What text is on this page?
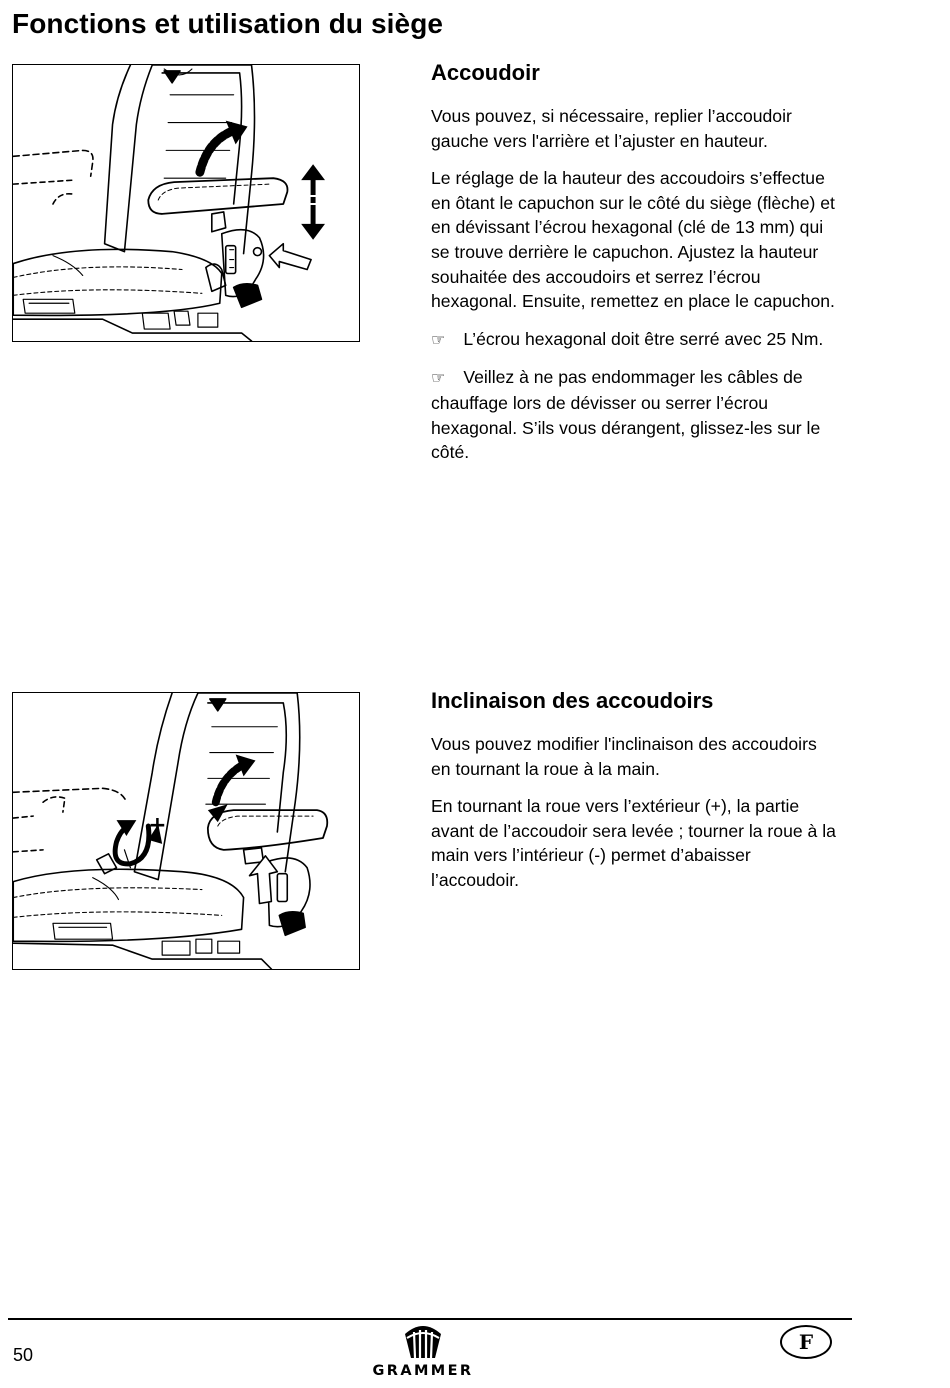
Fonctions et utilisation du siège
Accoudoir

Vous pouvez, si nécessaire, replier l’accoudoir gauche vers l'arrière et l’ajuster en hauteur.

Le réglage de la hauteur des accoudoirs s’effectue en ôtant le capuchon sur le côté du siège (flèche) et en dévissant l’écrou hexagonal (clé de 13 mm) qui se trouve derrière le capuchon. Ajustez la hauteur souhaitée des accoudoirs et serrez l’écrou hexagonal. Ensuite, remettez en place le capuchon.

☞ L’écrou hexagonal doit être serré avec 25 Nm.

☞ Veillez à ne pas endommager les câbles de chauffage lors de dévisser ou serrer l’écrou hexagonal. S’ils vous dérangent, glissez-les sur le côté.

+
Inclinaison des accoudoirs

Vous pouvez modifier l'inclinaison des accoudoirs en tournant la roue à la main.

En tournant la roue vers l’extérieur (+), la partie avant de l’accoudoir sera levée ; tourner la roue à la main vers l’intérieur (-) permet d’abaisser l’accoudoir.

50
GRAMMER
F
